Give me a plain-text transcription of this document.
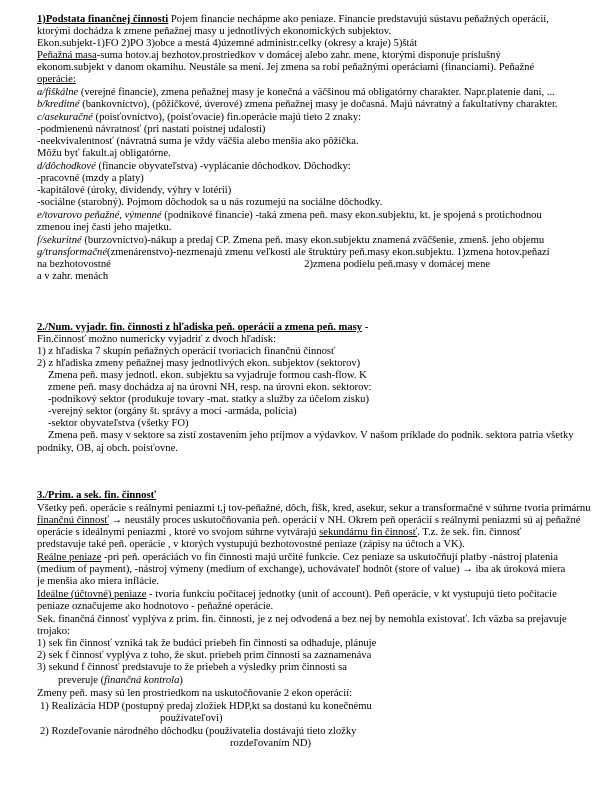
1)Podstata finančnej činnosti Pojem financie nechápme ako peniaze. Financie predstavujú sústavu peňažných operácií,
ktorými dochádza k zmene peňažnej masy u jednotlivých ekonomických subjektov.
Ekon.subjekt-1)FO 2)PO 3)obce a mestá 4)územné administr.celky (okresy a kraje) 5)štát
Peňažná masa-suma hotov.aj bezhotov.prostriedkov v domácej alebo zahr. mene, ktorými disponuje príslušný
ekonom.subjekt v danom okamihu. Neustále sa mení. Jej zmena sa robí peňažnými operáciami (financiami). Peňažné
operácie:
a/fiškálne (verejné financie), zmena peňažnej masy je konečná a väčšinou má obligatórny charakter. Napr.platenie daní, ...
b/kreditné (bankovníctvo), (pôžičkové, úverové) zmena peňažnej masy je dočasná. Majú návratný a fakultatívny charakter.
c/asekuračné (poisťovníctvo), (poisťovacie) fin.operácie majú tieto 2 znaky:
-podmienenú návratnosť (pri nastatí poistnej udalosti)
-neekvivalentnosť (návratná suma je vždy väčšia alebo menšia ako pôžička.
Môžu byť fakult.aj obligatórne.
d/dôchodkové (financie obyvateľstva) -vyplácanie dôchodkov. Dôchodky:
-pracovné (mzdy a platy)
-kapitálové (úroky, dividendy, výhry v lotérii)
-sociálne (starobný). Pojmom dôchodok sa u nás rozumejú na sociálne dôchodky.
e/tovarovo peňažné, výmenné (podnikové financie) -taká zmena peň. masy ekon.subjektu, kt. je spojená s protichodnou
zmenou inej časti jeho majetku.
f/sekuritné (burzovníctvo)-nákup a predaj CP. Zmena peň. masy ekon.subjektu znamená zväčšenie, zmenš. jeho objemu
g/transformačné(zmenárenstvo)-nezmenajú zmenu veľkosti ale štruktúry peň.masy ekon.subjektu. 1)zmena hotov.peňazí
na bezhotovostné                                                                         2)zmena podielu peň.masy v domácej mene
a v zahr. menách
2./Num. vyjadr. fin. činnosti z hľadiska peň. operácií a zmena peň. masy -
Fin.činnosť možno numericky vyjadriť z dvoch hľadísk:
1) z hľadiska 7 skupín peňažných operácií tvoriacich finančnú činnosť
2) z hľadiska zmeny peňažnej masy jednotlivých ekon. subjektov (sektorov)
Zmena peň. masy jednotl. ekon. subjektu sa vyjadruje formou cash-flow. K
zmene peň. masy dochádza aj na úrovni NH, resp. na úrovni ekon. sektorov:
-podnikový sektor (produkuje tovary -mat. statky a služby za účelom zisku)
-verejný sektor (orgány št. správy a moci -armáda, polícia)
-sektor obyvateľstva (všetky FO)
Zmena peň. masy v sektore sa zistí zostavením jeho príjmov a výdavkov. V našom príklade do podnik. sektora patria všetky
podniky, OB, aj obch. poisťovne.
3./Prim. a sek. fin. činnosť
Všetky peň. operácie s reálnymi peniazmi t.j tov-peňažné, dôch, fišk, kred, asekur, sekur a transformačné v súhrne tvoria primárnu
finančnú činnosť → neustály proces uskutočňovania peň. operácií v NH. Okrem peň operácií s reálnymi peniazmi sú aj peňažné
operácie s ideálnymi peniazmi , ktoré vo svojom súhrne vytvárajú sekundárnu fin činnosť. T.z. že sek. fin. činnosť
predstavuje také peň. operácie , v ktorých vystupujú bezhotovostné peniaze (zápisy na účtoch a VK).
Reálne peniaze -pri peň. operáciách vo fin činnosti majú určité funkcie. Cez peniaze sa uskutočňují platby -nástroj platenia
(medium of payment), -nástroj výmeny (medium of exchange), uchovávateľ hodnôt (store of value) → iba ak úroková miera
je menšia ako miera inflácie.
Ideálne (účtovné) peniaze - tvoria funkciu počítacej jednotky (unit of account). Peň operácie, v kt vystupujú tieto počítacie
peniaze označujeme ako hodnotovo - peňažné operácie.
Sek. finančná činnosť vyplýva z prim. fin. činnosti, je z nej odvodená a bez nej by nemohla existovať. Ich väzba sa prejavuje
trojako:
1) sek fin činnosť vzniká tak že budúci priebeh fin činnosti sa odhaduje, plánuje
2) sek f činnosť vyplýva z toho, že skut. priebeh prim činnosti sa zaznamenáva
3) sekund f činnosť predstavuje to že priebeh a výsledky prim činnosti sa
preveruje (finančná kontrola)
Zmeny peň. masy sú len prostriedkom na uskutočňovanie 2 ekon operácií:
1) Realizácia HDP (postupný predaj zložiek HDP,kt sa dostanú ku konečnému
používateľovi)
2) Rozdeľovanie národného dôchodku (používatelia dostávajú tieto zložky
rozdeľovaním ND)
